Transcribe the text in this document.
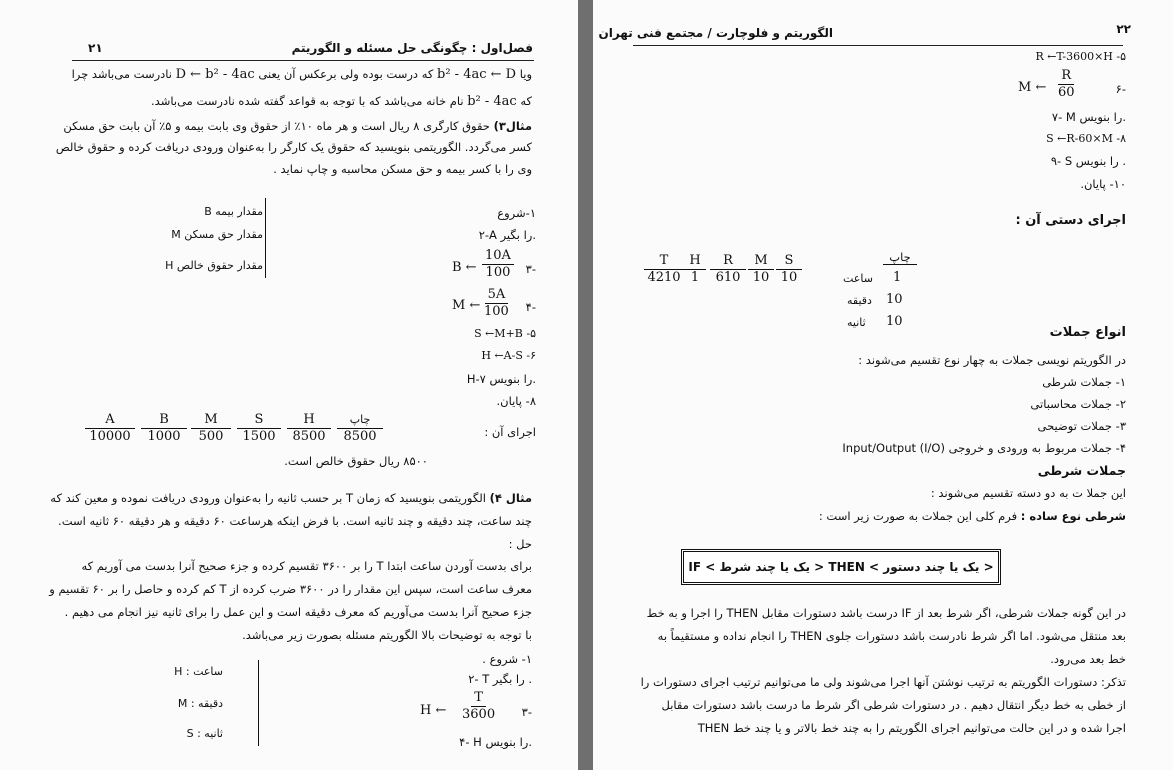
فصل‌اول : چگونگی حل مسئله و الگوریتم
۲۱
ویا b² - 4ac ← D که درست بوده ولی برعکس آن یعنی D ← b² - 4ac نادرست می‌باشد چرا
که b² - 4ac نام خانه می‌باشد که با توجه به قواعد گفته شده نادرست می‌باشد.
مثال۳) حقوق کارگری ۸ ریال است و هر ماه ۱۰٪ از حقوق وی بابت بیمه و ۵٪ آن بابت حق مسکن
کسر می‌گردد. الگوریتمی بنویسید که حقوق یک کارگر را به‌عنوان ورودی دریافت کرده و حقوق خالص
وی را با کسر بیمه و حق مسکن محاسبه و چاپ نماید .
۱-شروع
۲-A را بگیر.
۳-
B ← $\frac{10A}{100}$
۴-
M ← $\frac{5A}{100}$
S ←M+B -۵
H ←A-S -۶
H-۷ را بنویس.
۸- پایان.
B مقدار بیمه
M مقدار حق مسکن
H مقدار حقوق خالص
اجرای آن :
$\frac{A}{10000} \frac{B}{1000} \frac{M}{500} \frac{S}{1500} \frac{H}{8500}$	چاپ
8500
۸۵۰۰ ریال حقوق خالص است.
مثال ۴) الگوریتمی بنویسید که زمان T بر حسب ثانیه را به‌عنوان ورودی دریافت نموده و معین کند که
چند ساعت، چند دقیقه و چند ثانیه است. با فرض اینکه هرساعت ۶۰ دقیقه و هر دقیقه ۶۰ ثانیه است.
حل :
برای بدست آوردن ساعت ابتدا T را بر ۳۶۰۰ تقسیم کرده و جزء صحیح آنرا بدست می آوریم که
معرف ساعت است، سپس این مقدار را در ۳۶۰۰ ضرب کرده از T کم کرده و حاصل را بر ۶۰ تقسیم و
جزء صحیح آنرا بدست می‌آوریم که معرف دقیقه است و این عمل را برای ثانیه نیز انجام می دهیم .
با توجه به توضیحات بالا الگوریتم مسئله بصورت زیر می‌باشد.
۱- شروع .
۲- T را بگیر .
۳-
H ← $\frac{T}{3600}$
۴- H را بنویس.
H : ساعت
M : دقیقه
S : ثانیه
الگوریتم و فلوچارت / مجتمع فنی تهران	۲۲
R ←T-3600×H -۵
۶-
M ← $\frac{R}{60}$
۷- M را بنویس.
S ←R-60×M -۸
۹- S را بنویس .
۱۰- پایان.
اجرای دستی آن :
$\frac{T}{4210} \frac{H}{1} \frac{R}{610} \frac{M}{10} \frac{S}{10}$	چاپ
ساعت 1
دقیقه 10
ثانیه 10
انواع جملات
در الگوریتم نویسی جملات به چهار نوع تقسیم می‌شوند :
۱- جملات شرطی
۲- جملات محاسباتی
۳- جملات توضیحی
۴- جملات مربوط به ورودی و خروجی Input/Output (I/O)
جملات شرطی
این جملا ت به دو دسته تقسیم می‌شوند :
شرطی نوع ساده : فرم کلی این جملات به صورت زیر است :
IF < یک یا چند شرط > THEN < یک یا چند دستور >
در این گونه جملات شرطی، اگر شرط بعد از IF درست باشد دستورات مقابل THEN را اجرا و به خط
بعد منتقل می‌شود. اما اگر شرط نادرست باشد دستورات جلوی THEN را انجام نداده و مستقیماً به
خط بعد می‌رود.
تذکر: دستورات الگوریتم به ترتیب نوشتن آنها اجرا می‌شوند ولی ما می‌توانیم ترتیب اجرای دستورات را
از خطی به خط دیگر انتقال دهیم . در دستورات شرطی اگر شرط ما درست باشد دستورات مقابل
THEN اجرا شده و در این حالت می‌توانیم اجرای الگوریتم را به چند خط بالاتر و یا چند خط
